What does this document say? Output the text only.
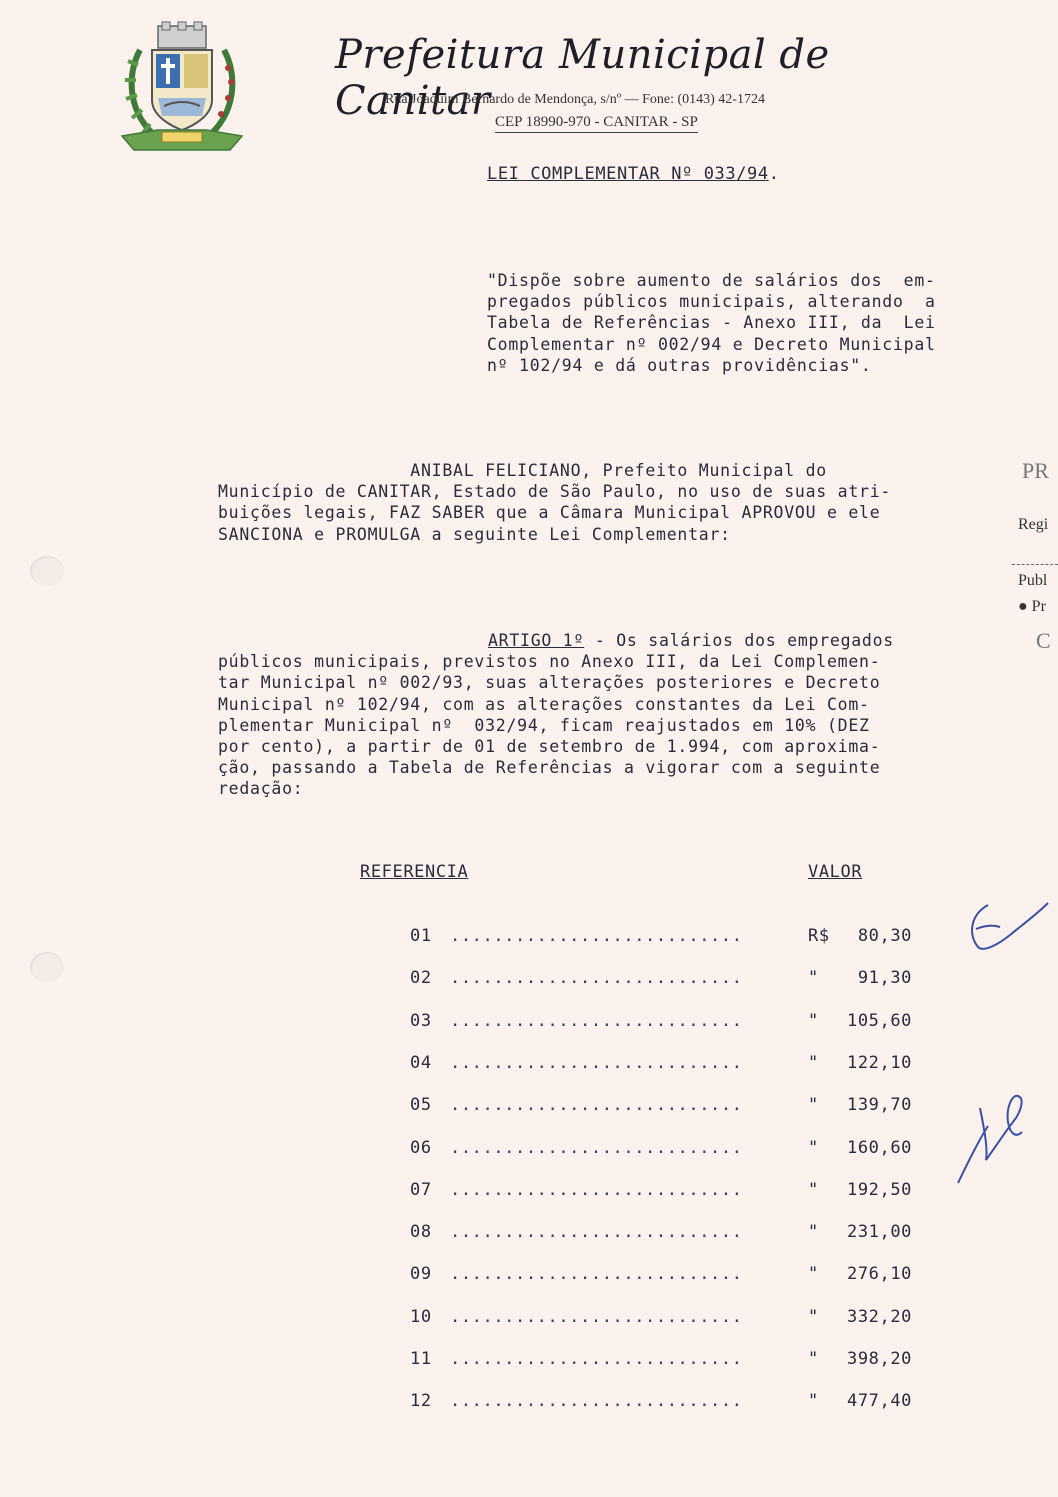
Prefeitura Municipal de Canitar
Rua Joaquim Bernardo de Mendonça, s/nº — Fone: (0143) 42-1724
CEP 18990-970 - CANITAR - SP
LEI COMPLEMENTAR Nº 033/94.
"Dispõe sobre aumento de salários dos  em-
pregados públicos municipais, alterando  a
Tabela de Referências - Anexo III, da  Lei
Complementar nº 002/94 e Decreto Municipal
nº 102/94 e dá outras providências".
ANIBAL FELICIANO, Prefeito Municipal do
Município de CANITAR, Estado de São Paulo, no uso de suas atri-
buições legais, FAZ SABER que a Câmara Municipal APROVOU e ele
SANCIONA e PROMULGA a seguinte Lei Complementar:
ARTIGO 1º - Os salários dos empregados
públicos municipais, previstos no Anexo III, da Lei Complemen-
tar Municipal nº 002/93, suas alterações posteriores e Decreto
Municipal nº 102/94, com as alterações constantes da Lei Com-
plementar Municipal nº  032/94, ficam reajustados em 10% (DEZ
por cento), a partir de 01 de setembro de 1.994, com aproxima-
ção, passando a Tabela de Referências a vigorar com a seguinte
redação:
REFERENCIA	VALOR
01 ...........................	R$	80,30
02 ...........................	"	91,30
03 ...........................	"	105,60
04 ...........................	"	122,10
05 ...........................	"	139,70
06 ...........................	"	160,60
07 ...........................	"	192,50
08 ...........................	"	231,00
09 ...........................	"	276,10
10 ...........................	"	332,20
11 ...........................	"	398,20
12 ...........................	"	477,40
PR
Regi
Publ
● Pr
C
